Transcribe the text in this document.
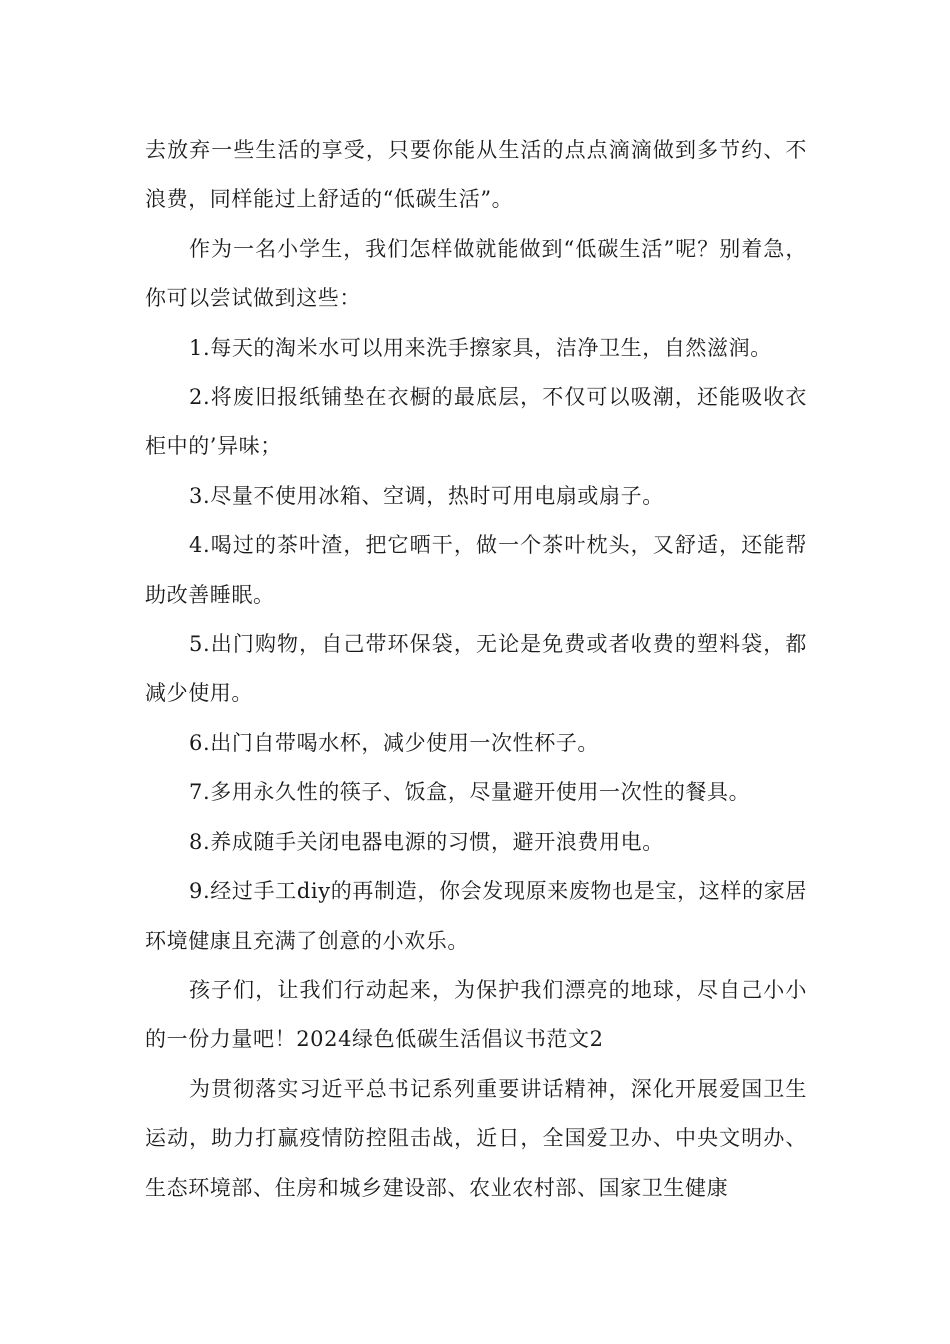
去放弃一些生活的享受，只要你能从生活的点点滴滴做到多节约、不浪费，同样能过上舒适的“低碳生活”。

作为一名小学生，我们怎样做就能做到“低碳生活”呢？别着急，你可以尝试做到这些：

1.每天的淘米水可以用来洗手擦家具，洁净卫生，自然滋润。

2.将废旧报纸铺垫在衣橱的最底层，不仅可以吸潮，还能吸收衣柜中的’异味；

3.尽量不使用冰箱、空调，热时可用电扇或扇子。

4.喝过的茶叶渣，把它晒干，做一个茶叶枕头，又舒适，还能帮助改善睡眠。

5.出门购物，自己带环保袋，无论是免费或者收费的塑料袋，都减少使用。

6.出门自带喝水杯，减少使用一次性杯子。

7.多用永久性的筷子、饭盒，尽量避开使用一次性的餐具。

8.养成随手关闭电器电源的习惯，避开浪费用电。

9.经过手工diy的再制造，你会发现原来废物也是宝，这样的家居环境健康且充满了创意的小欢乐。

孩子们，让我们行动起来，为保护我们漂亮的地球，尽自己小小的一份力量吧！2024绿色低碳生活倡议书范文2

为贯彻落实习近平总书记系列重要讲话精神，深化开展爱国卫生运动，助力打赢疫情防控阻击战，近日，全国爱卫办、中央文明办、生态环境部、住房和城乡建设部、农业农村部、国家卫生健康
